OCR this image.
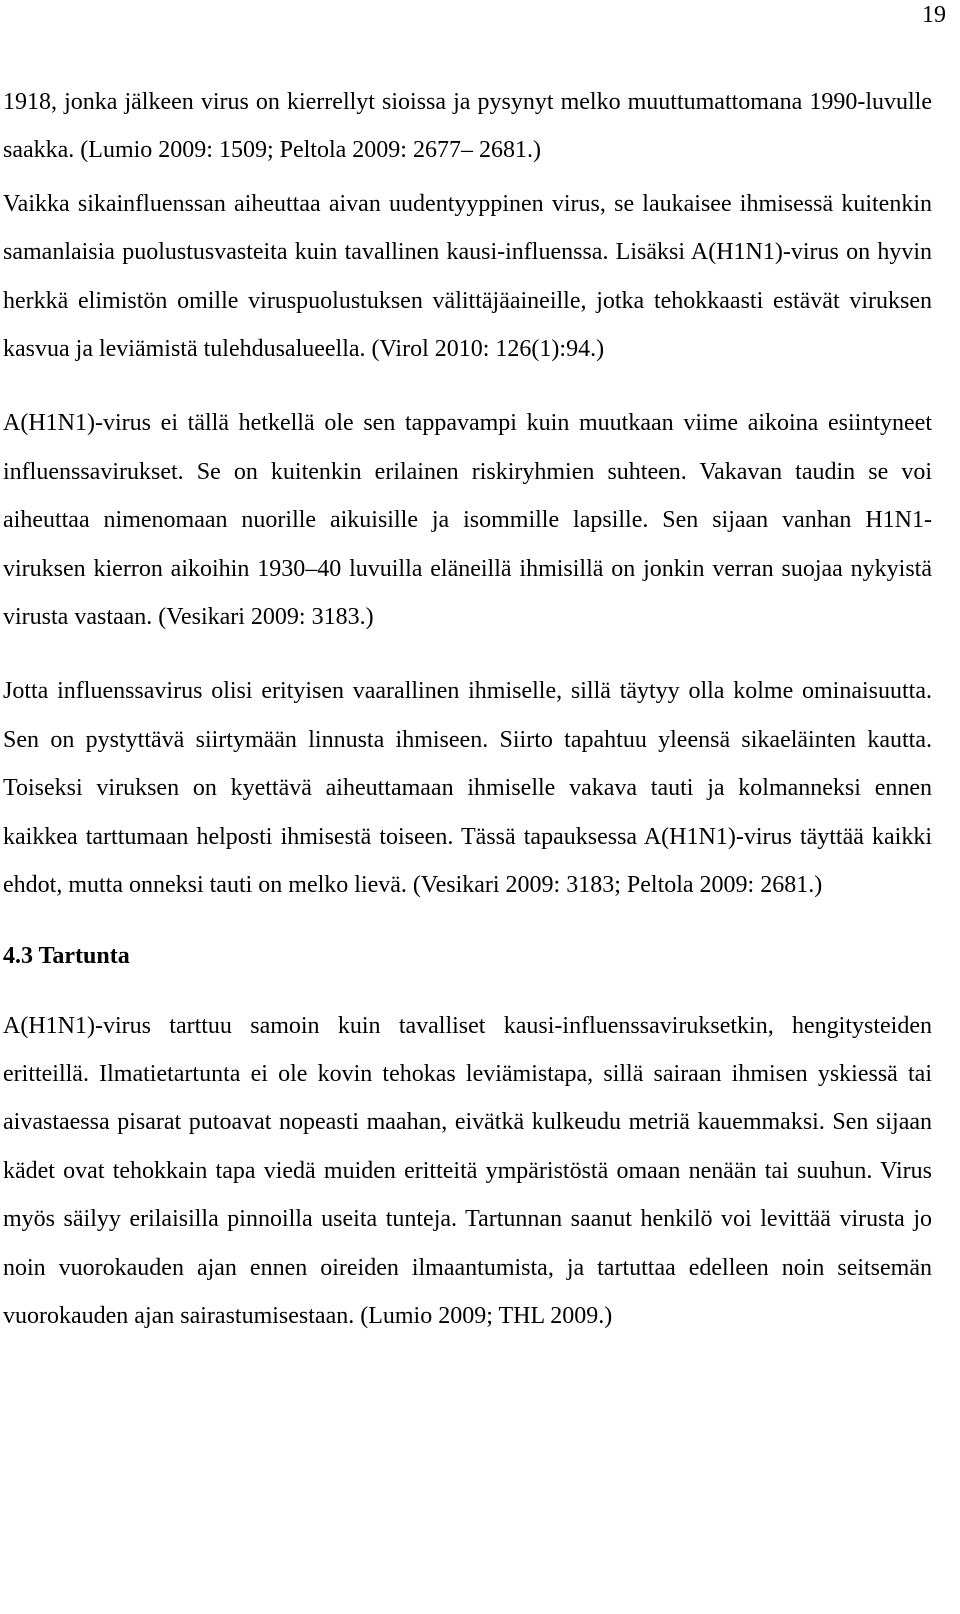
19

1918, jonka jälkeen virus on kierrellyt sioissa ja pysynyt melko muuttumattomana 1990-luvulle saakka. (Lumio 2009: 1509; Peltola 2009: 2677– 2681.)

Vaikka sikainfluenssan aiheuttaa aivan uudentyyppinen virus, se laukaisee ihmisessä kuitenkin samanlaisia puolustusvasteita kuin tavallinen kausi-influenssa. Lisäksi A(H1N1)-virus on hyvin herkkä elimistön omille viruspuolustuksen välittäjäaineille, jotka tehokkaasti estävät viruksen kasvua ja leviämistä tulehdusalueella. (Virol 2010: 126(1):94.)

A(H1N1)-virus ei tällä hetkellä ole sen tappavampi kuin muutkaan viime aikoina esiintyneet influenssavirukset. Se on kuitenkin erilainen riskiryhmien suhteen. Vakavan taudin se voi aiheuttaa nimenomaan nuorille aikuisille ja isommille lapsille. Sen sijaan vanhan H1N1-viruksen kierron aikoihin 1930–40 luvuilla eläneillä ihmisillä on jonkin verran suojaa nykyistä virusta vastaan. (Vesikari 2009: 3183.)

Jotta influenssavirus olisi erityisen vaarallinen ihmiselle, sillä täytyy olla kolme ominaisuutta. Sen on pystyttävä siirtymään linnusta ihmiseen. Siirto tapahtuu yleensä sikaeläinten kautta. Toiseksi viruksen on kyettävä aiheuttamaan ihmiselle vakava tauti ja kolmanneksi ennen kaikkea tarttumaan helposti ihmisestä toiseen. Tässä tapauksessa A(H1N1)-virus täyttää kaikki ehdot, mutta onneksi tauti on melko lievä. (Vesikari 2009: 3183; Peltola 2009: 2681.)

4.3 Tartunta

A(H1N1)-virus tarttuu samoin kuin tavalliset kausi-influenssaviruksetkin, hengitysteiden eritteillä. Ilmatietartunta ei ole kovin tehokas leviämistapa, sillä sairaan ihmisen yskiessä tai aivastaessa pisarat putoavat nopeasti maahan, eivätkä kulkeudu metriä kauemmaksi. Sen sijaan kädet ovat tehokkain tapa viedä muiden eritteitä ympäristöstä omaan nenään tai suuhun. Virus myös säilyy erilaisilla pinnoilla useita tunteja. Tartunnan saanut henkilö voi levittää virusta jo noin vuorokauden ajan ennen oireiden ilmaantumista, ja tartuttaa edelleen noin seitsemän vuorokauden ajan sairastumisestaan. (Lumio 2009; THL 2009.)
